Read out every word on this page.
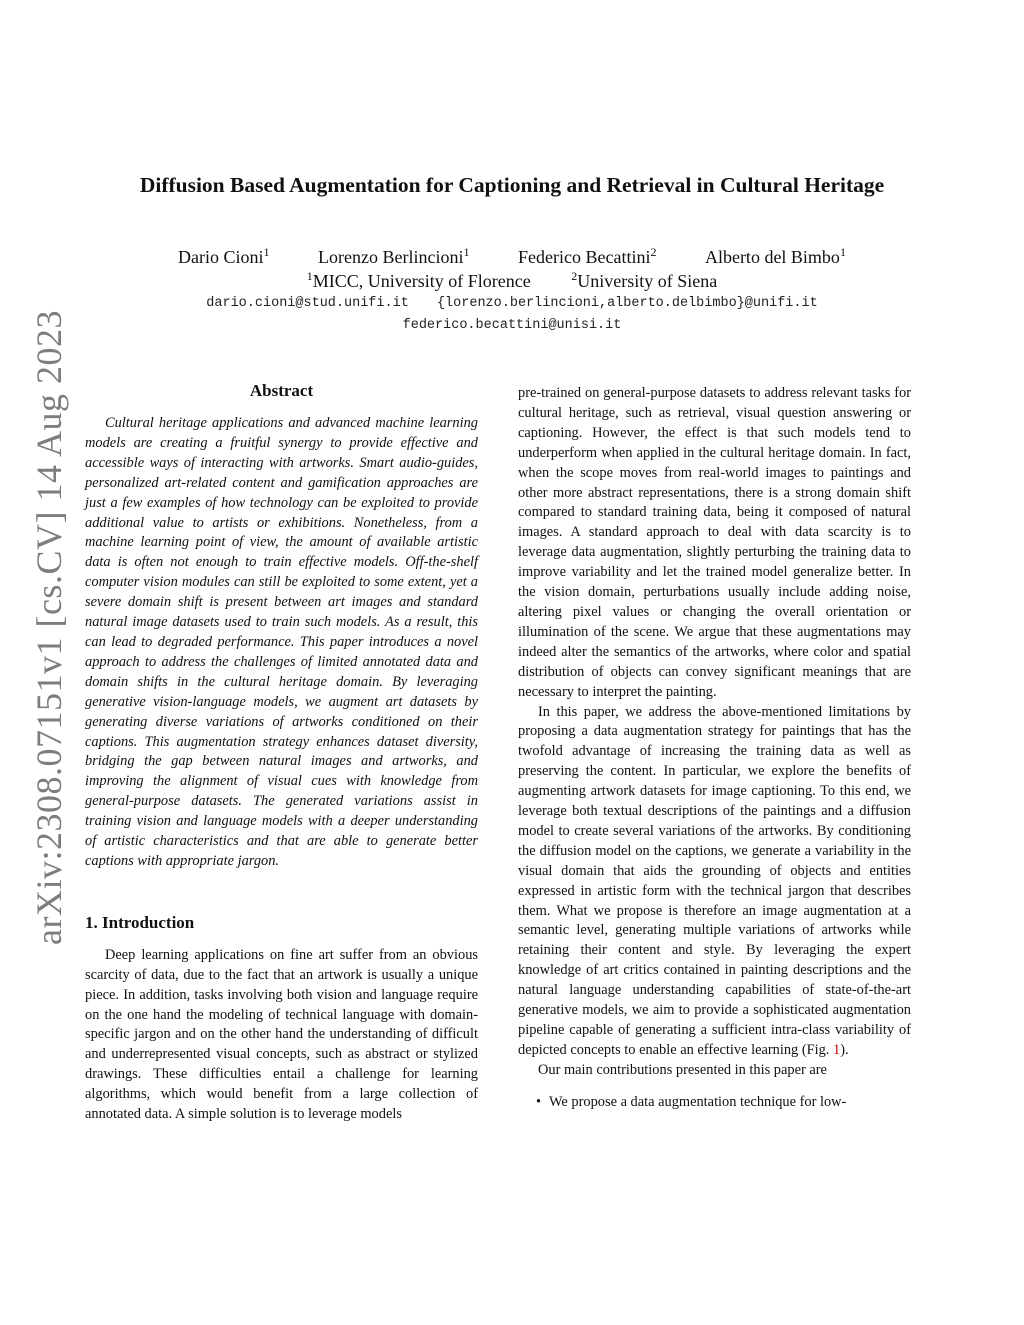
arXiv:2308.07151v1 [cs.CV] 14 Aug 2023
Diffusion Based Augmentation for Captioning and Retrieval in Cultural Heritage
Dario Cioni$^1$	Lorenzo Berlincioni$^1$	Federico Becattini$^2$	Alberto del Bimbo$^1$
$^1$MICC, University of Florence	$^2$University of Siena
dario.cioni@stud.unifi.it {lorenzo.berlincioni,alberto.delbimbo}@unifi.it
federico.becattini@unisi.it
Abstract

Cultural heritage applications and advanced machine learning models are creating a fruitful synergy to provide effective and accessible ways of interacting with artworks. Smart audio-guides, personalized art-related content and gamification approaches are just a few examples of how technology can be exploited to provide additional value to artists or exhibitions. Nonetheless, from a machine learning point of view, the amount of available artistic data is often not enough to train effective models. Off-the-shelf computer vision modules can still be exploited to some extent, yet a severe domain shift is present between art images and standard natural image datasets used to train such models. As a result, this can lead to degraded performance. This paper introduces a novel approach to address the challenges of limited annotated data and domain shifts in the cultural heritage domain. By leveraging generative vision-language models, we augment art datasets by generating diverse variations of artworks conditioned on their captions. This augmentation strategy enhances dataset diversity, bridging the gap between natural images and artworks, and improving the alignment of visual cues with knowledge from general-purpose datasets. The generated variations assist in training vision and language models with a deeper understanding of artistic characteristics and that are able to generate better captions with appropriate jargon.

1. Introduction

Deep learning applications on fine art suffer from an obvious scarcity of data, due to the fact that an artwork is usually a unique piece. In addition, tasks involving both vision and language require on the one hand the modeling of technical language with domain-specific jargon and on the other hand the understanding of difficult and underrepresented visual concepts, such as abstract or stylized drawings. These difficulties entail a challenge for learning algorithms, which would benefit from a large collection of annotated data. A simple solution is to leverage models

pre-trained on general-purpose datasets to address relevant tasks for cultural heritage, such as retrieval, visual question answering or captioning. However, the effect is that such models tend to underperform when applied in the cultural heritage domain. In fact, when the scope moves from real-world images to paintings and other more abstract representations, there is a strong domain shift compared to standard training data, being it composed of natural images. A standard approach to deal with data scarcity is to leverage data augmentation, slightly perturbing the training data to improve variability and let the trained model generalize better. In the vision domain, perturbations usually include adding noise, altering pixel values or changing the overall orientation or illumination of the scene. We argue that these augmentations may indeed alter the semantics of the artworks, where color and spatial distribution of objects can convey significant meanings that are necessary to interpret the painting.

In this paper, we address the above-mentioned limitations by proposing a data augmentation strategy for paintings that has the twofold advantage of increasing the training data as well as preserving the content. In particular, we explore the benefits of augmenting artwork datasets for image captioning. To this end, we leverage both textual descriptions of the paintings and a diffusion model to create several variations of the artworks. By conditioning the diffusion model on the captions, we generate a variability in the visual domain that aids the grounding of objects and entities expressed in artistic form with the technical jargon that describes them. What we propose is therefore an image augmentation at a semantic level, generating multiple variations of artworks while retaining their content and style. By leveraging the expert knowledge of art critics contained in painting descriptions and the natural language understanding capabilities of state-of-the-art generative models, we aim to provide a sophisticated augmentation pipeline capable of generating a sufficient intra-class variability of depicted concepts to enable an effective learning (Fig. 1).

Our main contributions presented in this paper are

• We propose a data augmentation technique for low-
